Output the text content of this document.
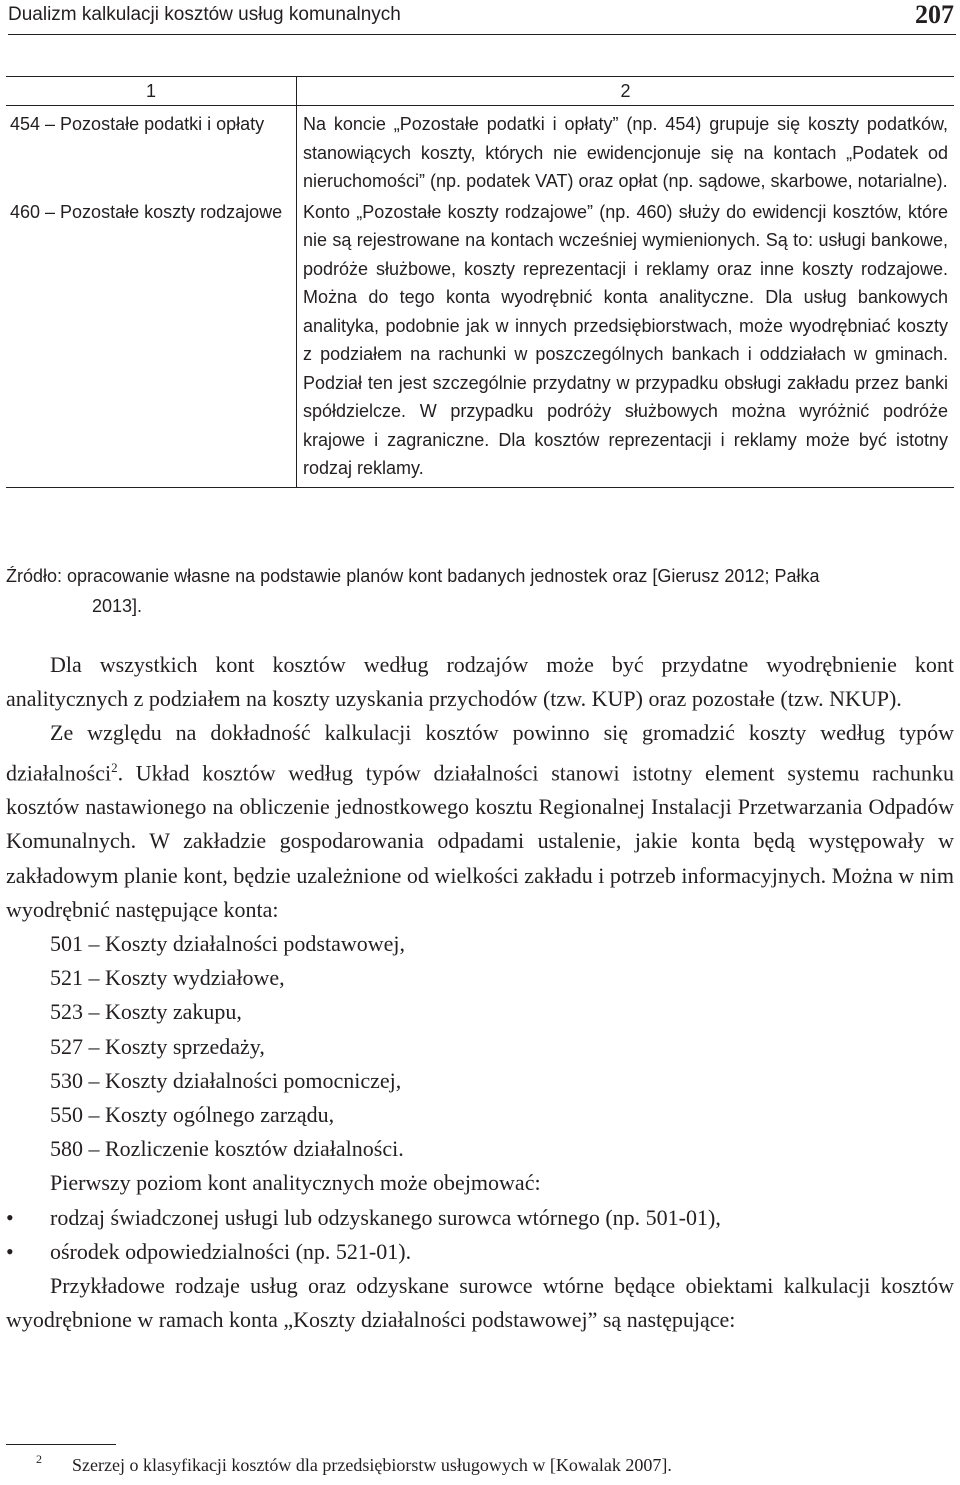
Dualizm kalkulacji kosztów usług komunalnych	207
1	2
454 – Pozostałe podatki i opłaty	Na koncie „Pozostałe podatki i opłaty” (np. 454) grupuje się koszty podatków, stanowiących koszty, których nie ewidencjonuje się na kontach „Podatek od nieruchomości” (np. podatek VAT) oraz opłat (np. sądowe, skarbowe, notarialne).
460 – Pozostałe koszty rodzajowe	Konto „Pozostałe koszty rodzajowe” (np. 460) służy do ewidencji kosztów, które nie są rejestrowane na kontach wcześniej wymienionych. Są to: usługi bankowe, podróże służbowe, koszty reprezentacji i reklamy oraz inne koszty rodzajowe. Można do tego konta wyodrębnić konta analityczne. Dla usług bankowych analityka, podobnie jak w innych przedsiębiorstwach, może wyodrębniać koszty z podziałem na rachunki w poszczególnych bankach i oddziałach w gminach. Podział ten jest szczególnie przydatny w przypadku obsługi zakładu przez banki spółdzielcze. W przypadku podróży służbowych można wyróżnić podróże krajowe i zagraniczne. Dla kosztów reprezentacji i reklamy może być istotny rodzaj reklamy.
Źródło: opracowanie własne na podstawie planów kont badanych jednostek oraz [Gierusz 2012; Pałka
2013].

Dla wszystkich kont kosztów według rodzajów może być przydatne wyodrębnienie kont analitycznych z podziałem na koszty uzyskania przychodów (tzw. KUP) oraz pozostałe (tzw. NKUP).

Ze względu na dokładność kalkulacji kosztów powinno się gromadzić koszty według typów działalności$^2$. Układ kosztów według typów działalności stanowi istotny element systemu rachunku kosztów nastawionego na obliczenie jednostkowego kosztu Regionalnej Instalacji Przetwarzania Odpadów Komunalnych. W zakładzie gospodarowania odpadami ustalenie, jakie konta będą występowały w zakładowym planie kont, będzie uzależnione od wielkości zakładu i potrzeb informacyjnych. Można w nim wyodrębnić następujące konta:

501 – Koszty działalności podstawowej,
521 – Koszty wydziałowe,
523 – Koszty zakupu,
527 – Koszty sprzedaży,
530 – Koszty działalności pomocniczej,
550 – Koszty ogólnego zarządu,
580 – Rozliczenie kosztów działalności.

Pierwszy poziom kont analitycznych może obejmować:

• rodzaj świadczonej usługi lub odzyskanego surowca wtórnego (np. 501-01),
• ośrodek odpowiedzialności (np. 521-01).

Przykładowe rodzaje usług oraz odzyskane surowce wtórne będące obiektami kalkulacji kosztów wyodrębnione w ramach konta „Koszty działalności podstawowej” są następujące:

2	Szerzej o klasyfikacji kosztów dla przedsiębiorstw usługowych w [Kowalak 2007].
